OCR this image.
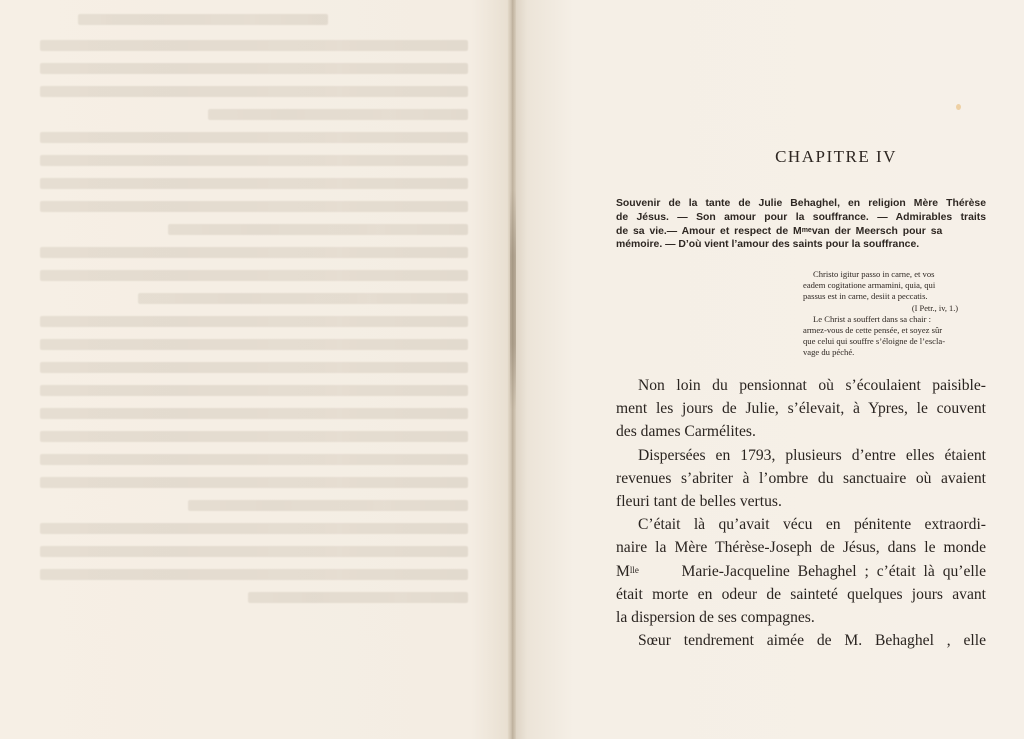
CHAPITRE IV
Souvenir de la tante de Julie Behaghel, en religion Mère Thérèse
de Jésus. — Son amour pour la souffrance. — Admirables traits
de sa vie.— Amour et respect de $M^{me}$ van der Meersch pour sa
mémoire. — D’où vient l’amour des saints pour la souffrance.

Christo igitur passo in carne, et vos

eadem cogitatione armamini, quia, qui

passus est in carne, desiit a peccatis.

(I Petr., iv, 1.)

Le Christ a souffert dans sa chair :

armez-vous de cette pensée, et soyez sûr

que celui qui souffre s’éloigne de l’escla-

vage du péché.

Non loin du pensionnat où s’écoulaient paisible-
ment les jours de Julie, s’élevait, à Ypres, le couvent
des dames Carmélites.
Dispersées en 1793, plusieurs d’entre elles étaient
revenues s’abriter à l’ombre du sanctuaire où avaient
fleuri tant de belles vertus.
C’était là qu’avait vécu en pénitente extraordi-
naire la Mère Thérèse-Joseph de Jésus, dans le monde
$M^{lle}$	Marie-Jacqueline Behaghel ; c’était là qu’elle
était morte en odeur de sainteté quelques jours avant
la dispersion de ses compagnes.
Sœur tendrement aimée de M. Behaghel , elle
